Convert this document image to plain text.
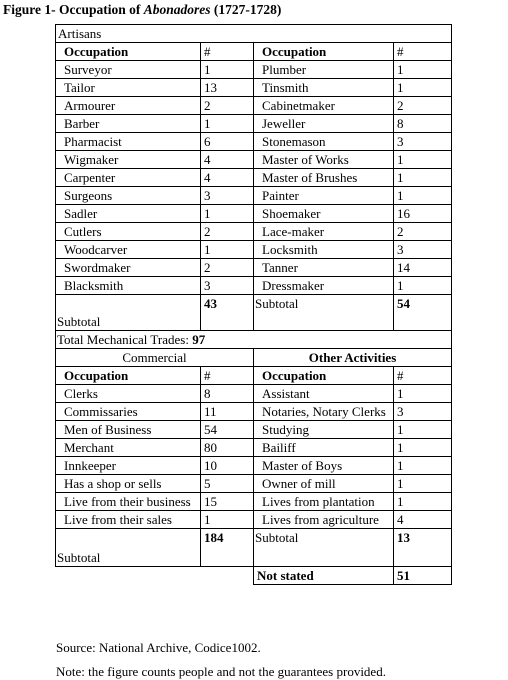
Figure 1- Occupation of Abonadores (1727-1728)
Artisans			
Occupation	#	Occupation	#
Surveyor	1	Plumber	1
Tailor	13	Tinsmith	1
Armourer	2	Cabinetmaker	2
Barber	1	Jeweller	8
Pharmacist	6	Stonemason	3
Wigmaker	4	Master of Works	1
Carpenter	4	Master of Brushes	1
Surgeons	3	Painter	1
Sadler	1	Shoemaker	16
Cutlers	2	Lace-maker	2
Woodcarver	1	Locksmith	3
Swordmaker	2	Tanner	14
Blacksmith	3	Dressmaker	1
Subtotal	43	Subtotal	54
Total Mechanical Trades: 97			
Commercial		Other Activities	
Occupation	#	Occupation	#
Clerks	8	Assistant	1
Commissaries	11	Notaries, Notary Clerks	3
Men of Business	54	Studying	1
Merchant	80	Bailiff	1
Innkeeper	10	Master of Boys	1
Has a shop or sells	5	Owner of mill	1
Live from their business	15	Lives from plantation	1
Live from their sales	1	Lives from agriculture	4
Subtotal	184	Subtotal	13
		Not stated	51
Source: National Archive, Codice1002.
Note: the figure counts people and not the guarantees provided.
